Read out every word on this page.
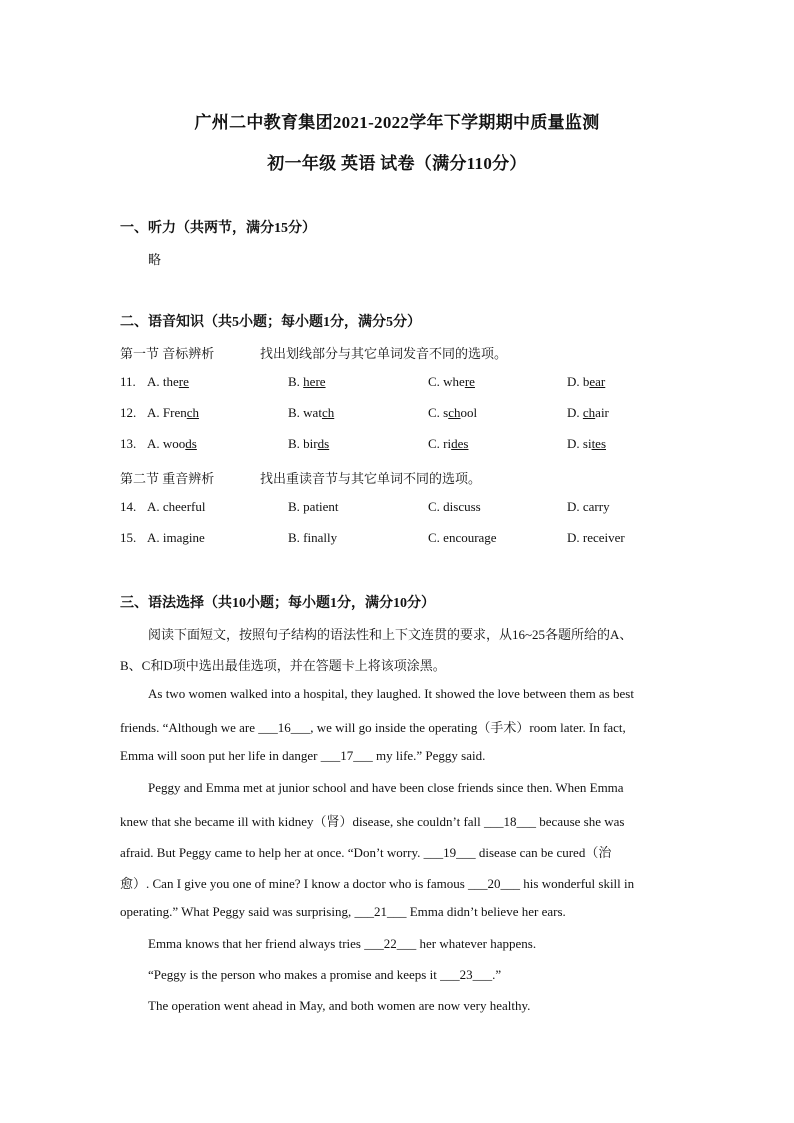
广州二中教育集团2021-2022学年下学期期中质量监测
初一年级 英语 试卷（满分110分）
一、听力（共两节，满分15分）
略
二、语音知识（共5小题；每小题1分，满分5分）
第一节 音标辨析	找出划线部分与其它单词发音不同的选项。
11. A. there	B. here	C. where	D. bear
12. A. French	B. watch	C. school	D. chair
13. A. woods	B. birds	C. rides	D. sites
第二节 重音辨析	找出重读音节与其它单词不同的选项。
14. A. cheerful	B. patient	C. discuss	D. carry
15. A. imagine	B. finally	C. encourage	D. receiver
三、语法选择（共10小题；每小题1分，满分10分）
阅读下面短文，按照句子结构的语法性和上下文连贯的要求，从16~25各题所给的A、
B、C和D项中选出最佳选项，并在答题卡上将该项涂黑。
As two women walked into a hospital, they laughed. It showed the love between them as best
friends. “Although we are ___16___, we will go inside the operating（手术）room later. In fact,
Emma will soon put her life in danger ___17___ my life.” Peggy said.
Peggy and Emma met at junior school and have been close friends since then. When Emma
knew that she became ill with kidney（肾）disease, she couldn’t fall ___18___ because she was
afraid. But Peggy came to help her at once. “Don’t worry. ___19___ disease can be cured（治
愈）. Can I give you one of mine? I know a doctor who is famous ___20___ his wonderful skill in
operating.” What Peggy said was surprising, ___21___ Emma didn’t believe her ears.
Emma knows that her friend always tries ___22___ her whatever happens.
“Peggy is the person who makes a promise and keeps it ___23___.”
The operation went ahead in May, and both women are now very healthy.
